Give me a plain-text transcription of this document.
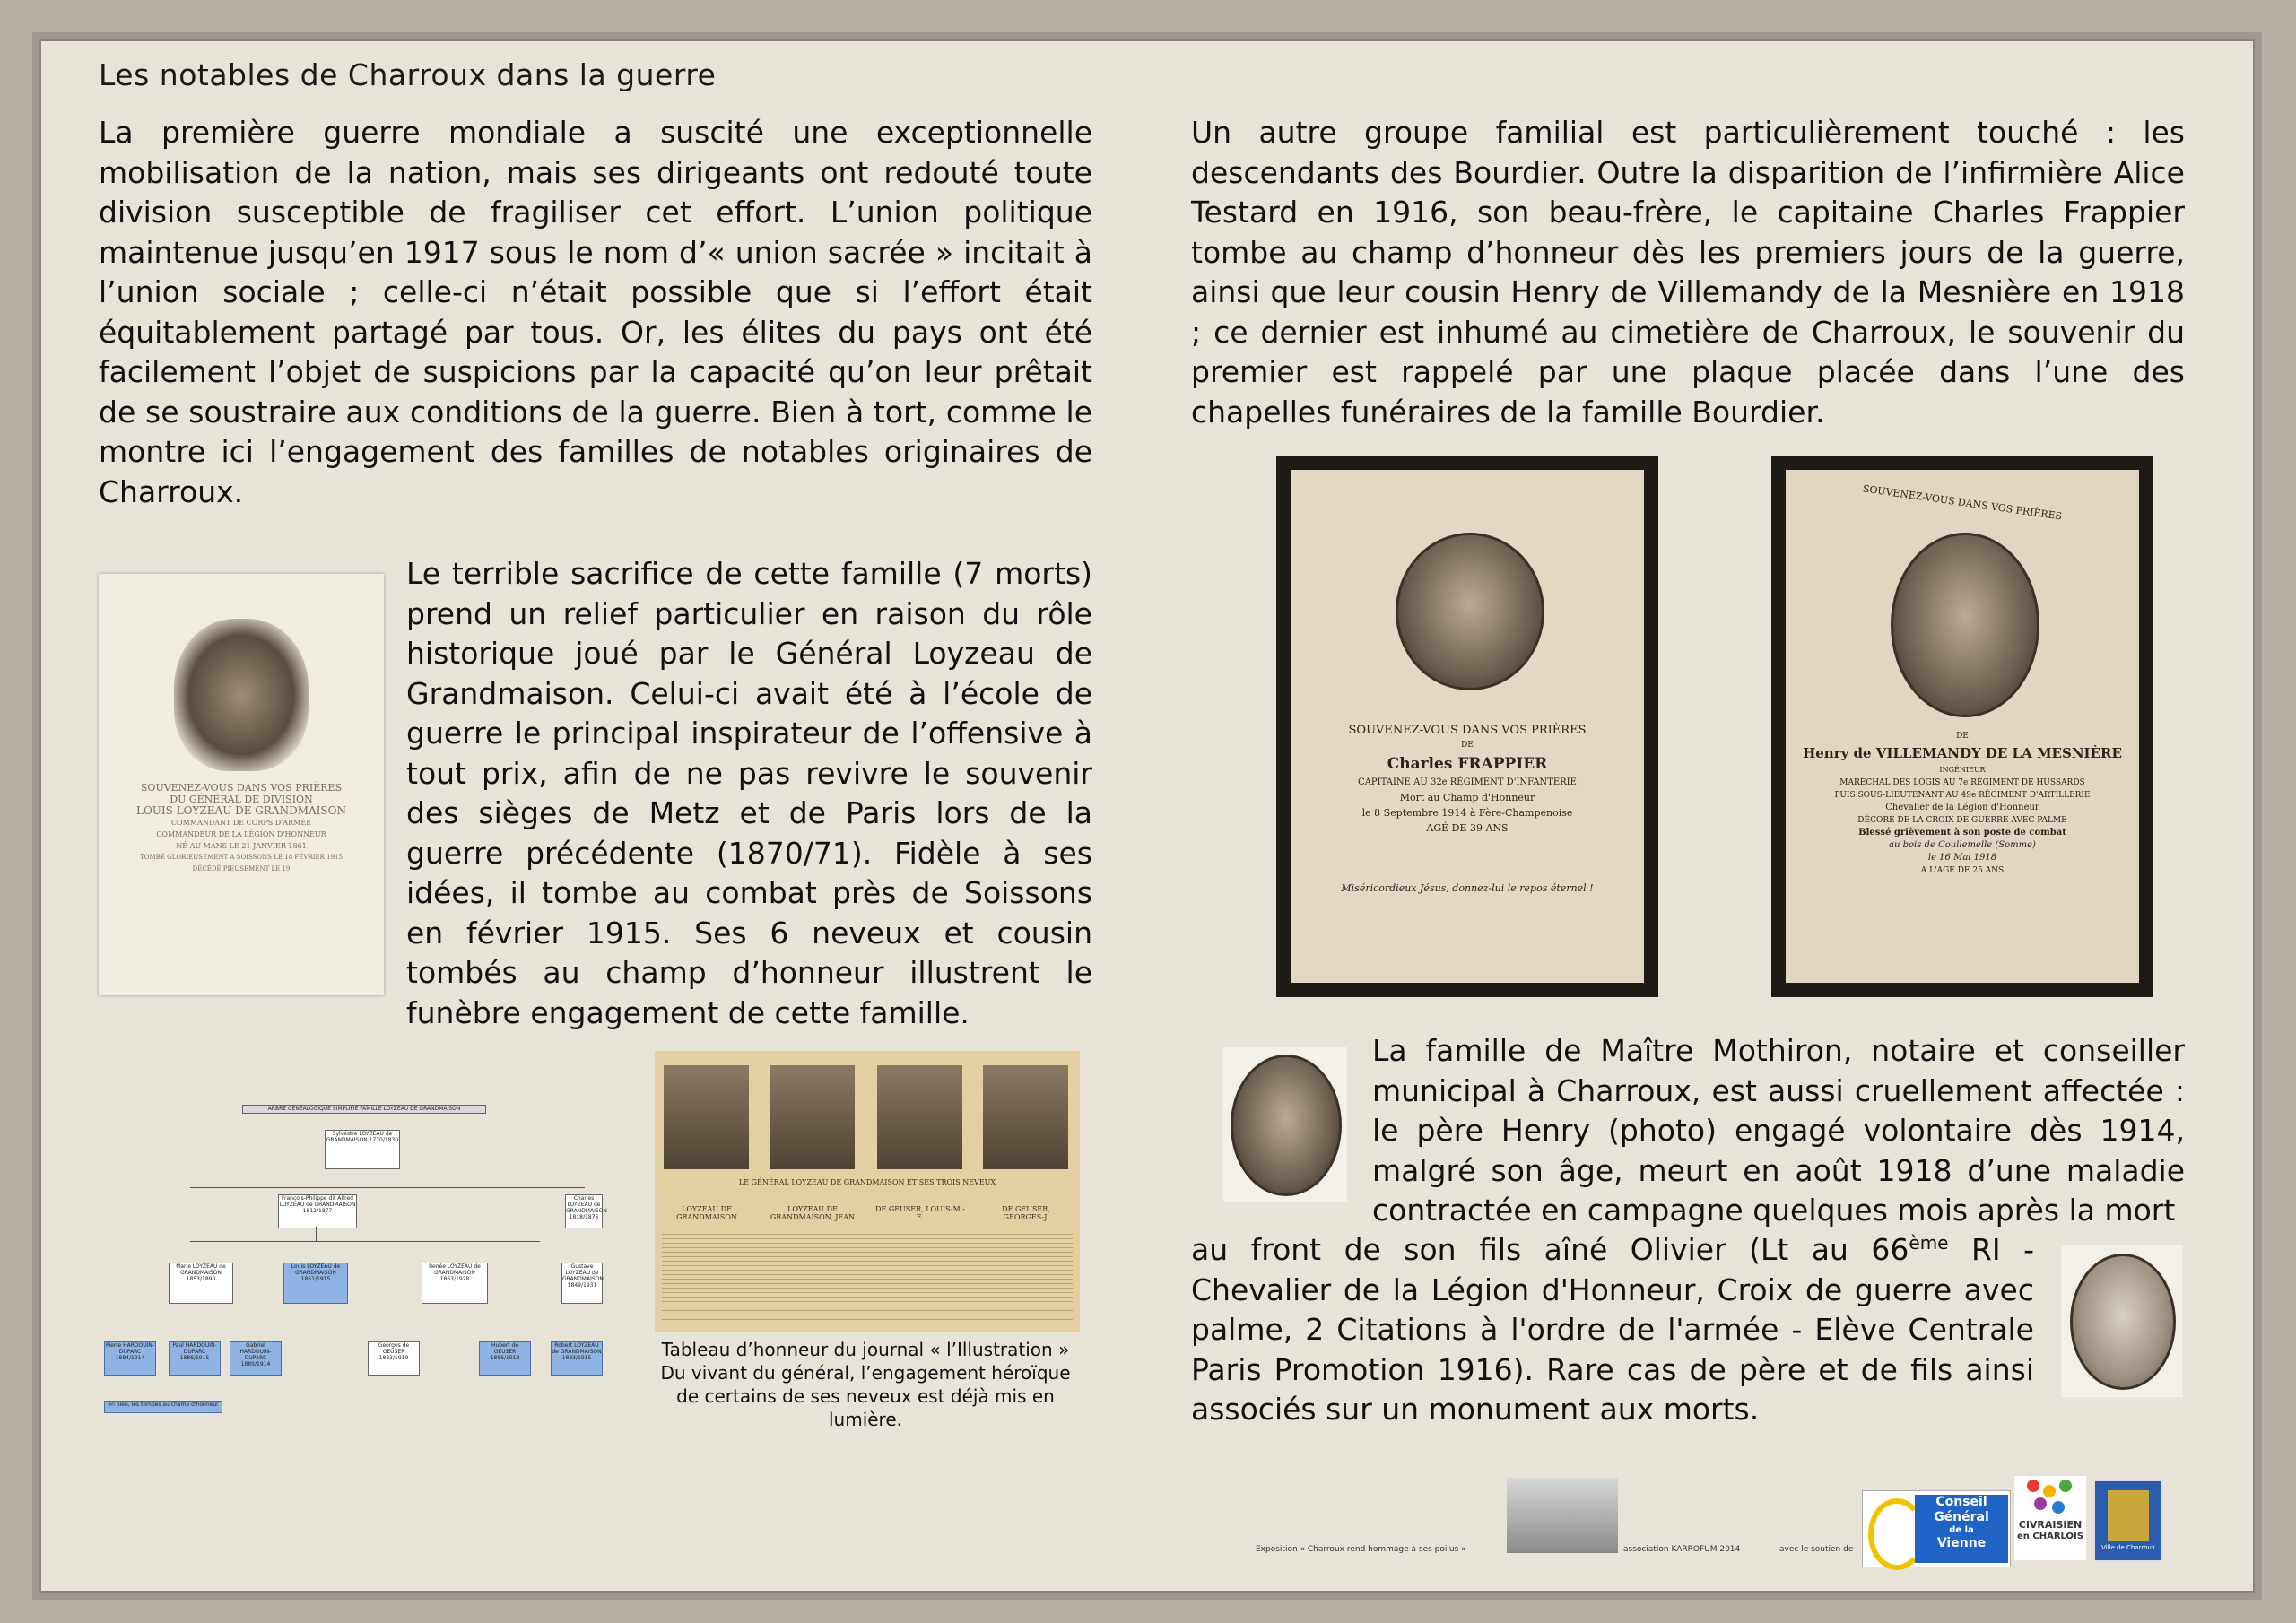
Les notables de Charroux dans la guerre

La première guerre mondiale a suscité une exceptionnelle mobilisation de la nation, mais ses dirigeants ont redouté toute division susceptible de fragiliser cet effort. L’union politique maintenue jusqu’en 1917 sous le nom d’« union sacrée » incitait à l’union sociale ; celle-ci n’était possible que si l’effort était équitablement partagé par tous. Or, les élites du pays ont été facilement l’objet de suspicions par la capacité qu’on leur prêtait de se soustraire aux conditions de la guerre. Bien à tort, comme le montre ici l’engagement des familles de notables originaires de Charroux.

Un autre groupe familial est particulièrement touché : les descendants des Bourdier. Outre la disparition de l’infirmière Alice Testard en 1916, son beau-frère, le capitaine Charles Frappier tombe au champ d’honneur dès les premiers jours de la guerre, ainsi que leur cousin Henry de Villemandy de la Mesnière en 1918 ; ce dernier est inhumé au cimetière de Charroux, le souvenir du premier est rappelé par une plaque placée dans l’une des chapelles funéraires de la famille Bourdier.

Le terrible sacrifice de cette famille (7 morts) prend un relief particulier en raison du rôle historique joué par le Général Loyzeau de Grandmaison. Celui-ci avait été à l’école de guerre le principal inspirateur de l’offensive à tout prix, afin de ne pas revivre le souvenir des sièges de Metz et de Paris lors de la guerre précédente (1870/71). Fidèle à ses idées, il tombe au combat près de Soissons en février 1915. Ses 6 neveux et cousin tombés au champ d’honneur illustrent le funèbre engagement de cette famille.

La famille de Maître Mothiron, notaire et conseiller municipal à Charroux, est aussi cruellement affectée : le père Henry (photo) engagé volontaire dès 1914, malgré son âge, meurt en août 1918 d’une maladie contractée en campagne quelques mois après la mort

au front de son fils aîné Olivier (Lt au 66ème RI - Chevalier de la Légion d'Honneur, Croix de guerre avec palme, 2 Citations à l'ordre de l'armée - Elève Centrale Paris Promotion 1916). Rare cas de père et de fils ainsi associés sur un monument aux morts.

SOUVENEZ-VOUS DANS VOS PRIÈRES
DU GÉNÉRAL DE DIVISION
LOUIS LOYZEAU DE GRANDMAISON
COMMANDANT DE CORPS D'ARMÉE
COMMANDEUR DE LA LÉGION D'HONNEUR
NÉ AU MANS LE 21 JANVIER 1861
TOMBÉ GLORIEUSEMENT A SOISSONS LE 18 FÉVRIER 1915
DÉCÉDÉ PIEUSEMENT LE 19
SOUVENEZ-VOUS DANS VOS PRIÈRES
DE
Charles FRAPPIER
CAPITAINE AU 32e RÉGIMENT D'INFANTERIE
Mort au Champ d'Honneur
le 8 Septembre 1914 à Fère-Champenoise
AGÉ DE 39 ANS
Miséricordieux Jésus, donnez-lui le repos éternel !
SOUVENEZ-VOUS DANS VOS PRIÈRES
DE
Henry de VILLEMANDY DE LA MESNIÈRE
INGÉNIEUR
MARÉCHAL DES LOGIS AU 7e RÉGIMENT DE HUSSARDS
PUIS SOUS-LIEUTENANT AU 49e RÉGIMENT D'ARTILLERIE
Chevalier de la Légion d'Honneur
DÉCORÉ DE LA CROIX DE GUERRE AVEC PALME
Blessé grièvement à son poste de combat
au bois de Coullemelle (Somme)
le 16 Mai 1918
A L'AGE DE 25 ANS
LE GÉNÉRAL LOYZEAU DE GRANDMAISON ET SES TROIS NEVEUX
LOYZEAU DE GRANDMAISON
LOYZEAU DE GRANDMAISON, JEAN
DE GEUSER, LOUIS-M.-E.
DE GEUSER, GEORGES-J.
Tableau d’honneur du journal « l’Illustration »
Du vivant du général, l’engagement héroïque de certains de ses neveux est déjà mis en lumière.
ARBRE GÉNÉALOGIQUE SIMPLIFIÉ FAMILLE LOYZEAU DE GRANDMAISON
Sylvestre LOYZEAU de GRANDMAISON 1770/1830
François-Philippe dit Alfred LOYZEAU de GRANDMAISON 1812/1877
Charles LOYZEAU de GRANDMAISON 1818/1875
Marie LOYZEAU de GRANDMAISON 1853/1890
Louis LOYZEAU de GRANDMAISON 1861/1915
Renée LOYZEAU de GRANDMAISON 1863/1928
Gustave LOYZEAU de GRANDMAISON 1849/1931
Pierre HARDOUIN-DUPARC 1884/1914
Paul HARDOUIN-DUPARC 1886/1915
Gabriel HARDOUIN-DUPARC 1889/1914
Georges de GEUSER 1883/1919
Hubert de GEUSER 1886/1918
Robert LOYZEAU de GRANDMAISON 1883/1915
en bleu, les tombés au champ d'honneur
Exposition « Charroux rend hommage à ses poilus »	association KARROFUM 2014	avec le soutien de
Conseil
Général
de la
Vienne
CIVRAISIEN
en CHARLOIS
Ville de Charroux
